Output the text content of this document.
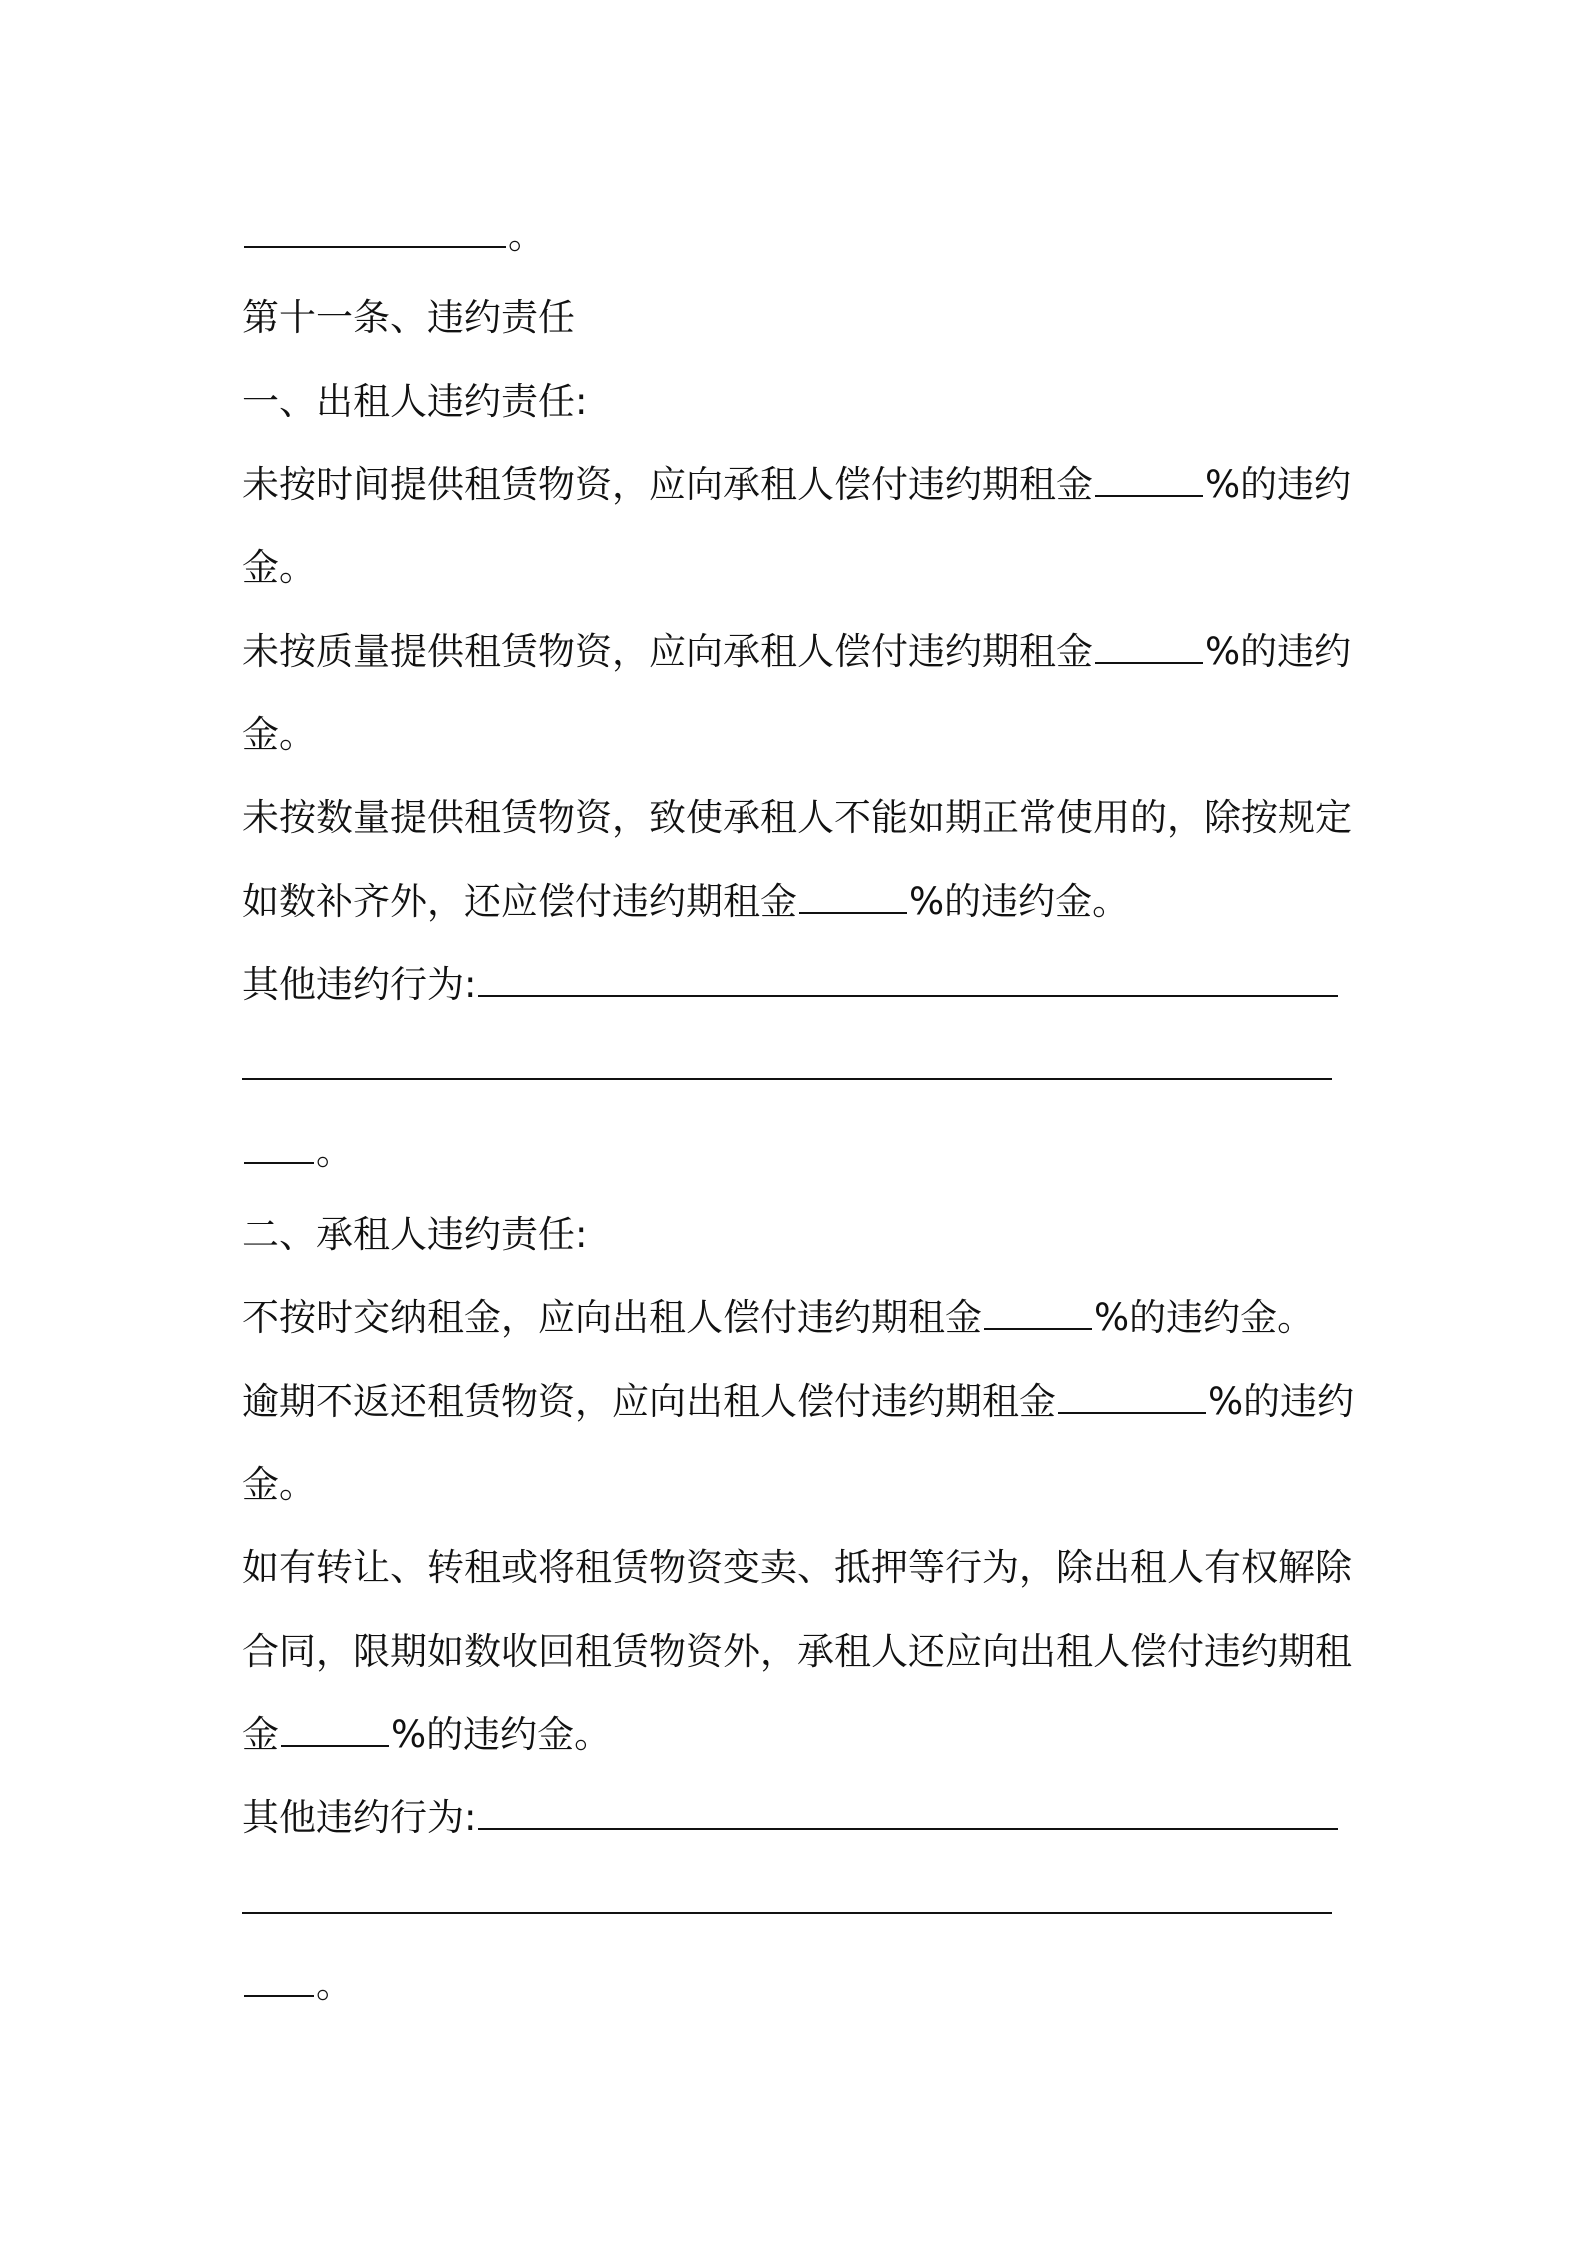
。
第十一条、违约责任
一、出租人违约责任:
未按时间提供租赁物资，应向承租人偿付违约期租金	%的违约
金。
未按质量提供租赁物资，应向承租人偿付违约期租金	%的违约
金。
未按数量提供租赁物资，致使承租人不能如期正常使用的，除按规定
如数补齐外，还应偿付违约期租金	%的违约金。
其他违约行为:
。
二、承租人违约责任:
不按时交纳租金，应向出租人偿付违约期租金	%的违约金。
逾期不返还租赁物资，应向出租人偿付违约期租金	%的违约
金。
如有转让、转租或将租赁物资变卖、抵押等行为，除出租人有权解除
合同，限期如数收回租赁物资外，承租人还应向出租人偿付违约期租
金	%的违约金。
其他违约行为:
。
